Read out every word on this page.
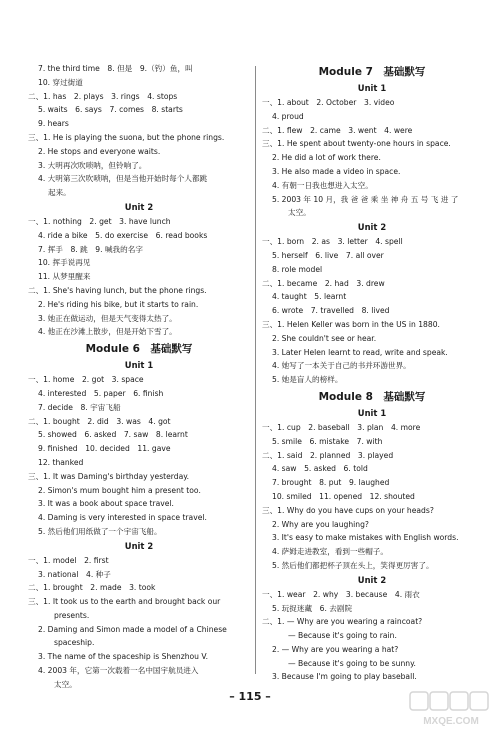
7. the third time　8. 但是　9.（钓）鱼，叫
10. 穿过街道
二、1. has　2. plays　3. rings　4. stops
5. waits　6. says　7. comes　8. starts
9. hears
三、1. He is playing the suona, but the phone rings.
2. He stops and everyone waits.
3. 大明再次吹唢呐，但铃响了。
4. 大明第三次吹唢呐，但是当他开始时每个人都跳
起来。
Unit 2
一、1. nothing　2. get　3. have lunch
4. ride a bike　5. do exercise　6. read books
7. 挥手　8. 跳　9. 喊我的名字
10. 挥手说再见
11. 从梦里醒来
二、1. She's having lunch, but the phone rings.
2. He's riding his bike, but it starts to rain.
3. 她正在做运动，但是天气变得太热了。
4. 他正在沙滩上散步，但是开始下雪了。
Module 6　基础默写
Unit 1
一、1. home　2. got　3. space
4. interested　5. paper　6. finish
7. decide　8. 宇宙飞船
二、1. bought　2. did　3. was　4. got
5. showed　6. asked　7. saw　8. learnt
9. finished　10. decided　11. gave
12. thanked
三、1. It was Daming's birthday yesterday.
2. Simon's mum bought him a present too.
3. It was a book about space travel.
4. Daming is very interested in space travel.
5. 然后他们用纸做了一个宇宙飞船。
Unit 2
一、1. model　2. first
3. national　4. 种子
二、1. brought　2. made　3. took
三、1. It took us to the earth and brought back our
presents.
2. Daming and Simon made a model of a Chinese
spaceship.
3. The name of the spaceship is Shenzhou V.
4. 2003 年，它第一次载着一名中国宇航员进入
太空。
Module 7　基础默写
Unit 1
一、1. about　2. October　3. video
4. proud
二、1. flew　2. came　3. went　4. were
三、1. He spent about twenty-one hours in space.
2. He did a lot of work there.
3. He also made a video in space.
4. 有朝一日我也想进入太空。
5. 2003 年 10 月，我 爸 爸 乘 坐 神 舟 五 号 飞 进 了
太空。
Unit 2
一、1. born　2. as　3. letter　4. spell
5. herself　6. live　7. all over
8. role model
二、1. became　2. had　3. drew
4. taught　5. learnt
6. wrote　7. travelled　8. lived
三、1. Helen Keller was born in the US in 1880.
2. She couldn't see or hear.
3. Later Helen learnt to read, write and speak.
4. 她写了一本关于自己的书并环游世界。
5. 她是盲人的榜样。
Module 8　基础默写
Unit 1
一、1. cup　2. baseball　3. plan　4. more
5. smile　6. mistake　7. with
二、1. said　2. planned　3. played
4. saw　5. asked　6. told
7. brought　8. put　9. laughed
10. smiled　11. opened　12. shouted
三、1. Why do you have cups on your heads?
2. Why are you laughing?
3. It's easy to make mistakes with English words.
4. 萨姆走进教室，看到一些帽子。
5. 然后他们都把杯子顶在头上，笑得更厉害了。
Unit 2
一、1. wear　2. why　3. because　4. 雨衣
5. 玩捉迷藏　6. 去剧院
二、1. — Why are you wearing a raincoat?
— Because it's going to rain.
2. — Why are you wearing a hat?
— Because it's going to be sunny.
3. Because I'm going to play baseball.
– 115 –
MXQE.COM
